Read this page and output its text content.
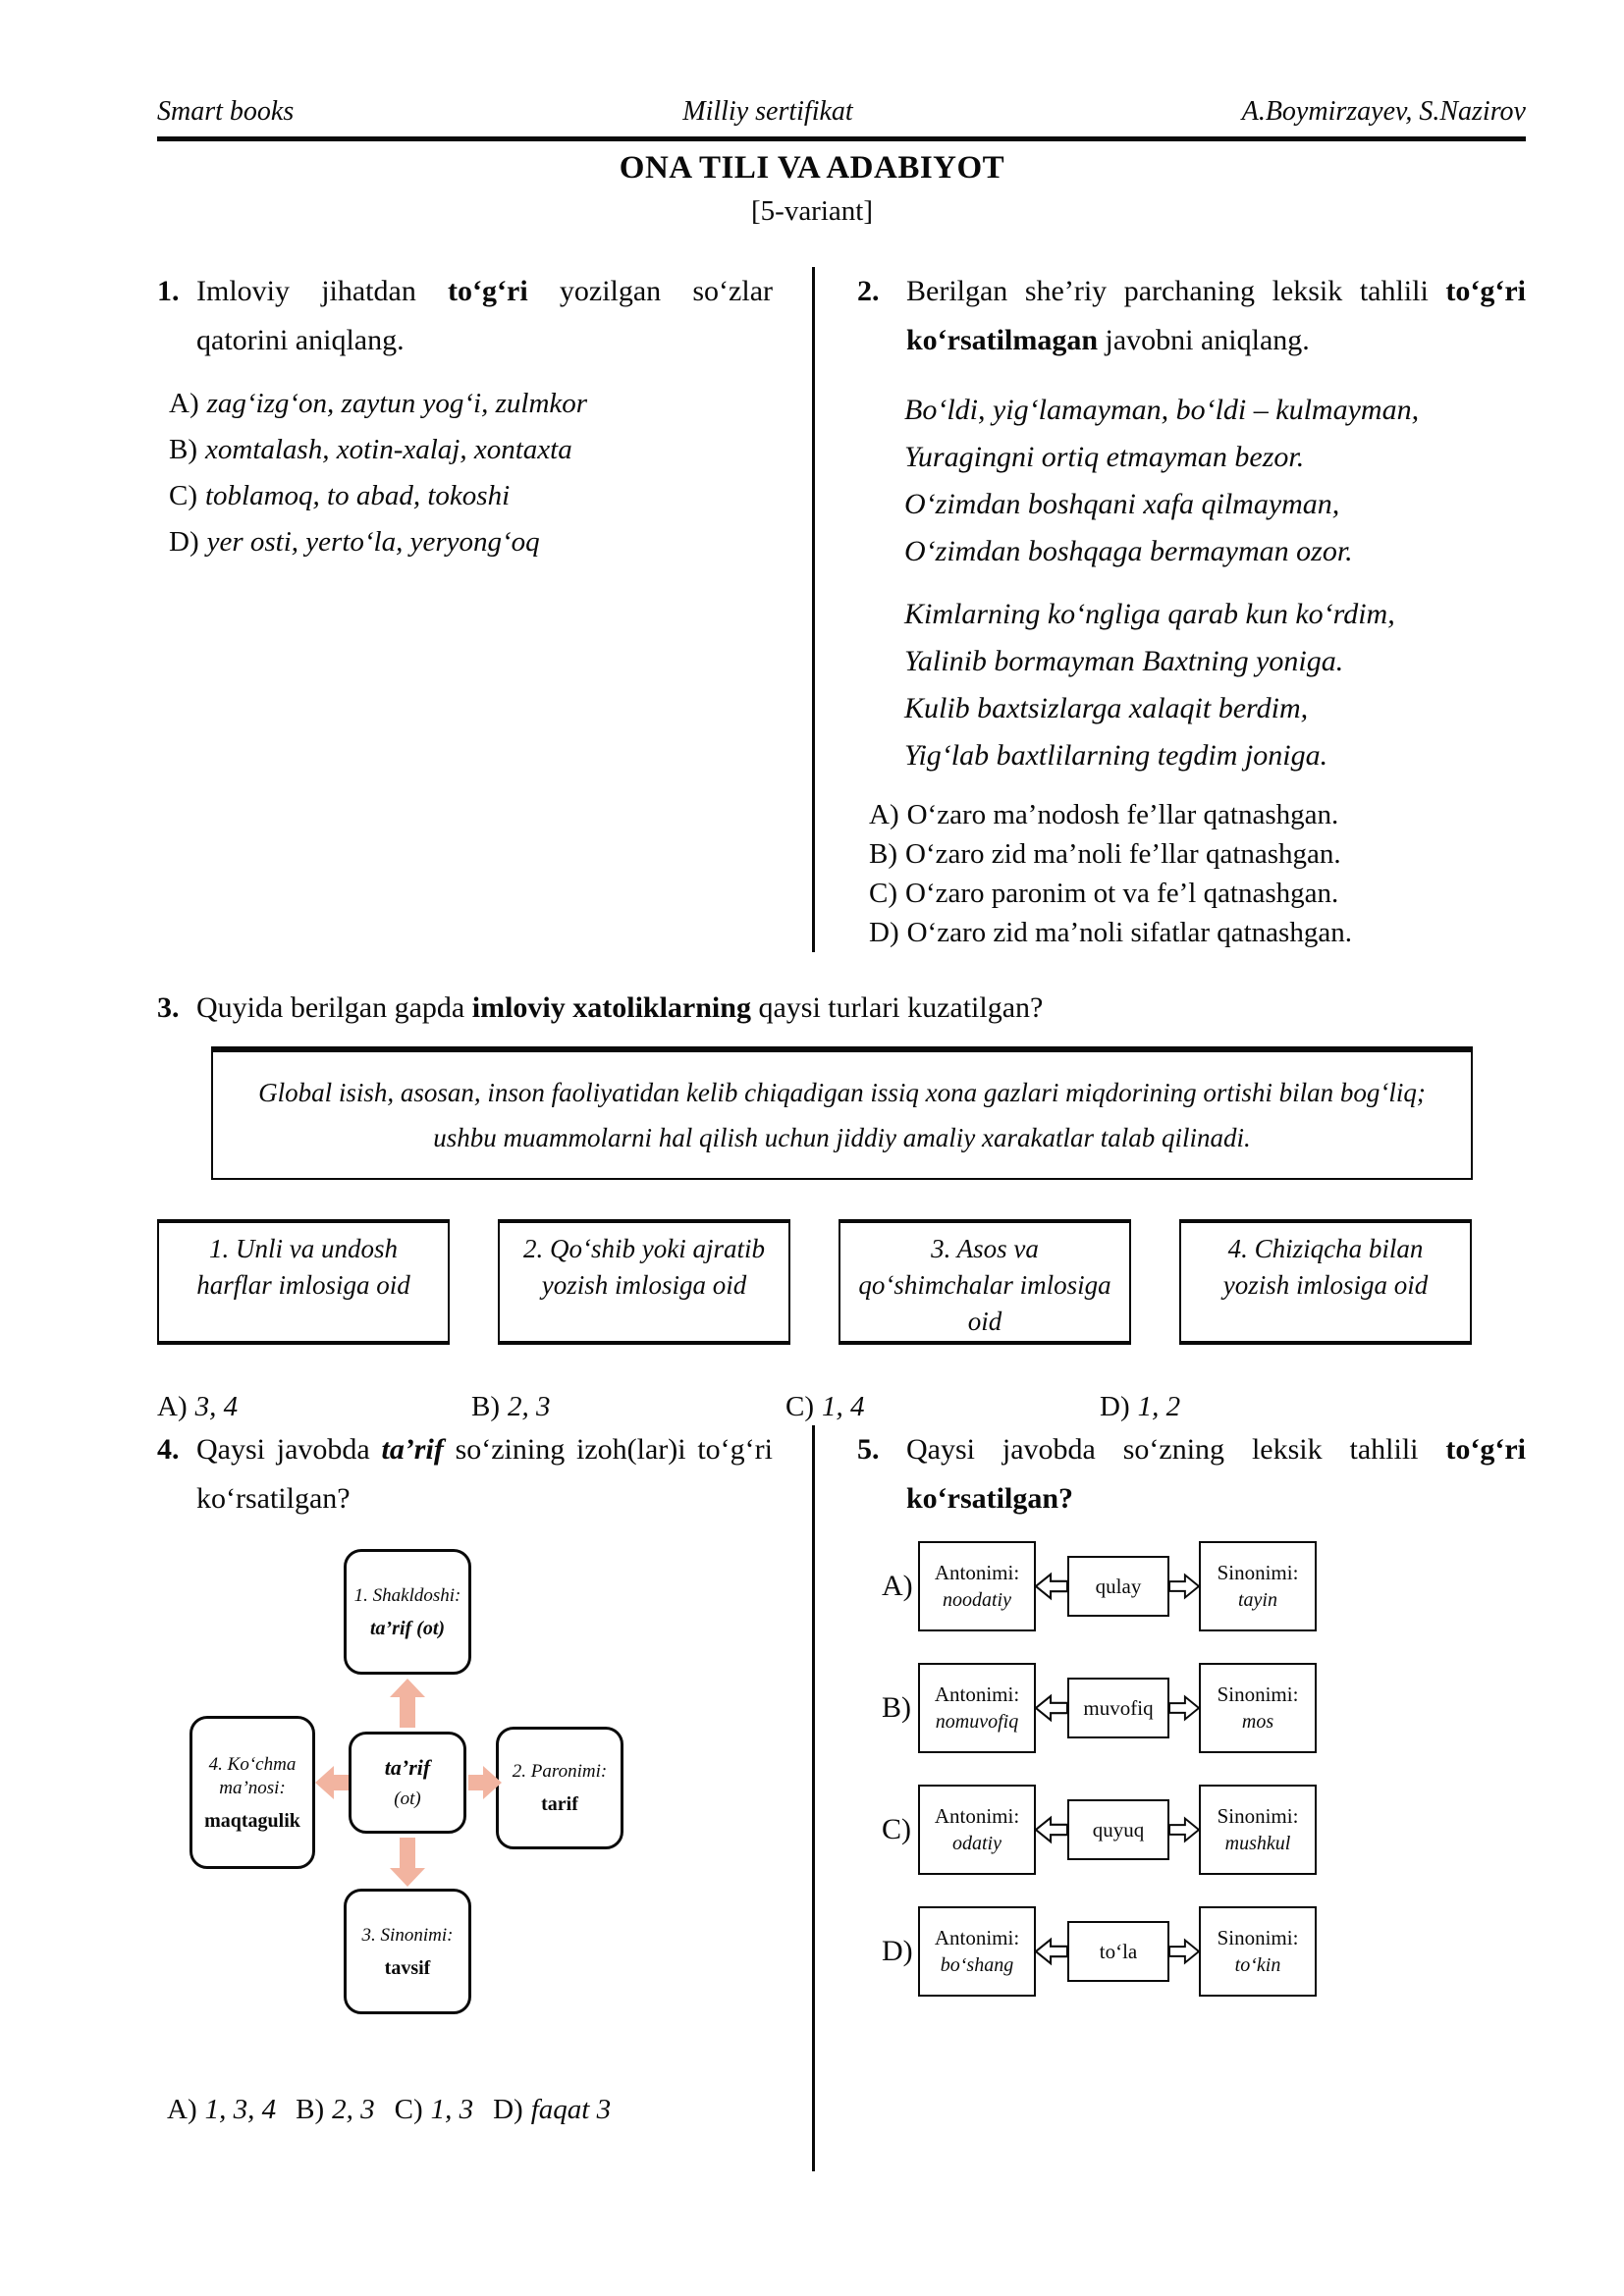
Smart books	Milliy sertifikat	A.Boymirzayev, S.Nazirov
ONA TILI VA ADABIYOT
[5-variant]
1. Imloviy jihatdan to‘g‘ri yozilgan so‘zlar qatorini aniqlang.
A) zag‘izg‘on, zaytun yog‘i, zulmkor
B) xomtalash, xotin-xalaj, xontaxta
C) toblamoq, to abad, tokoshi
D) yer osti, yerto‘la, yeryong‘oq
2. Berilgan she’riy parchaning leksik tahlili to‘g‘ri ko‘rsatilmagan javobni aniqlang.
Bo‘ldi, yig‘lamayman, bo‘ldi – kulmayman,
Yuragingni ortiq etmayman bezor.
O‘zimdan boshqani xafa qilmayman,
O‘zimdan boshqaga bermayman ozor.
Kimlarning ko‘ngliga qarab kun ko‘rdim,
Yalinib bormayman Baxtning yoniga.
Kulib baxtsizlarga xalaqit berdim,
Yig‘lab baxtlilarning tegdim joniga.
A) O‘zaro ma’nodosh fe’llar qatnashgan.
B) O‘zaro zid ma’noli fe’llar qatnashgan.
C) O‘zaro paronim ot va fe’l qatnashgan.
D) O‘zaro zid ma’noli sifatlar qatnashgan.
3. Quyida berilgan gapda imloviy xatoliklarning qaysi turlari kuzatilgan?
Global isish, asosan, inson faoliyatidan kelib chiqadigan issiq xona gazlari miqdorining ortishi bilan bog‘liq; ushbu muammolarni hal qilish uchun jiddiy amaliy xarakatlar talab qilinadi.
1. Unli va undosh harflar imlosiga oid
2. Qo‘shib yoki ajratib yozish imlosiga oid
3. Asos va qo‘shimchalar imlosiga oid
4. Chiziqcha bilan yozish imlosiga oid
A) 3, 4	B) 2, 3	C) 1, 4	D) 1, 2
4. Qaysi javobda ta’rif so‘zining izoh(lar)i to‘g‘ri ko‘rsatilgan?
1. Shakldoshi:
ta’rif (ot)
4. Ko‘chma ma’nosi:
maqtagulik
ta’rif
(ot)
2. Paronimi:
tarif
3. Sinonimi:
tavsif
A) 1, 3, 4 B) 2, 3 C) 1, 3 D) faqat 3
5. Qaysi javobda so‘zning leksik tahlili to‘g‘ri ko‘rsatilgan?
A)	Antonimi:
noodatiy
qulay
Sinonimi:
tayin
B)	Antonimi:
nomuvofiq
muvofiq
Sinonimi:
mos
C)	Antonimi:
odatiy
quyuq
Sinonimi:
mushkul
D)	Antonimi:
bo‘shang
to‘la
Sinonimi:
to‘kin
